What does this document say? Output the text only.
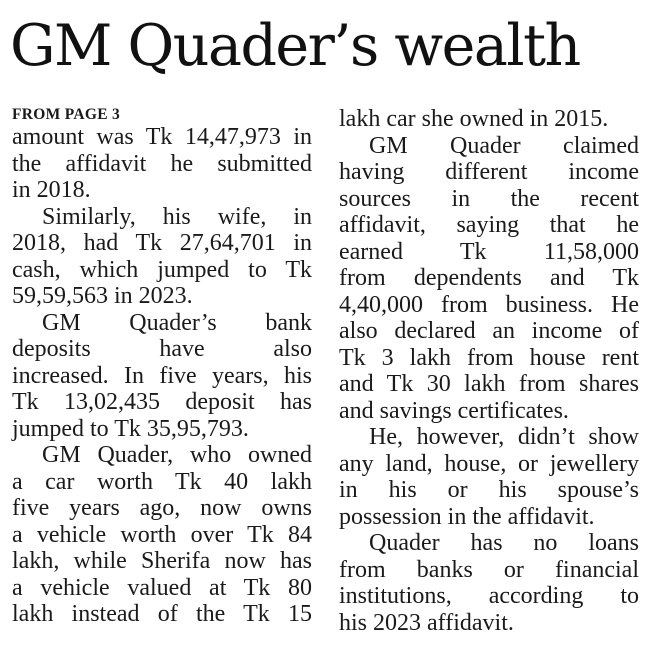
GM Quader’s wealth
FROM PAGE 3
amount was Tk 14,47,973 in
the affidavit he submitted
in 2018.
Similarly, his wife, in
2018, had Tk 27,64,701 in
cash, which jumped to Tk
59,59,563 in 2023.
GM Quader’s bank
deposits have also
increased. In five years, his
Tk 13,02,435 deposit has
jumped to Tk 35,95,793.
GM Quader, who owned
a car worth Tk 40 lakh
five years ago, now owns
a vehicle worth over Tk 84
lakh, while Sherifa now has
a vehicle valued at Tk 80
lakh instead of the Tk 15
lakh car she owned in 2015.
GM Quader claimed
having different income
sources in the recent
affidavit, saying that he
earned Tk 11,58,000
from dependents and Tk
4,40,000 from business. He
also declared an income of
Tk 3 lakh from house rent
and Tk 30 lakh from shares
and savings certificates.
He, however, didn’t show
any land, house, or jewellery
in his or his spouse’s
possession in the affidavit.
Quader has no loans
from banks or financial
institutions, according to
his 2023 affidavit.
